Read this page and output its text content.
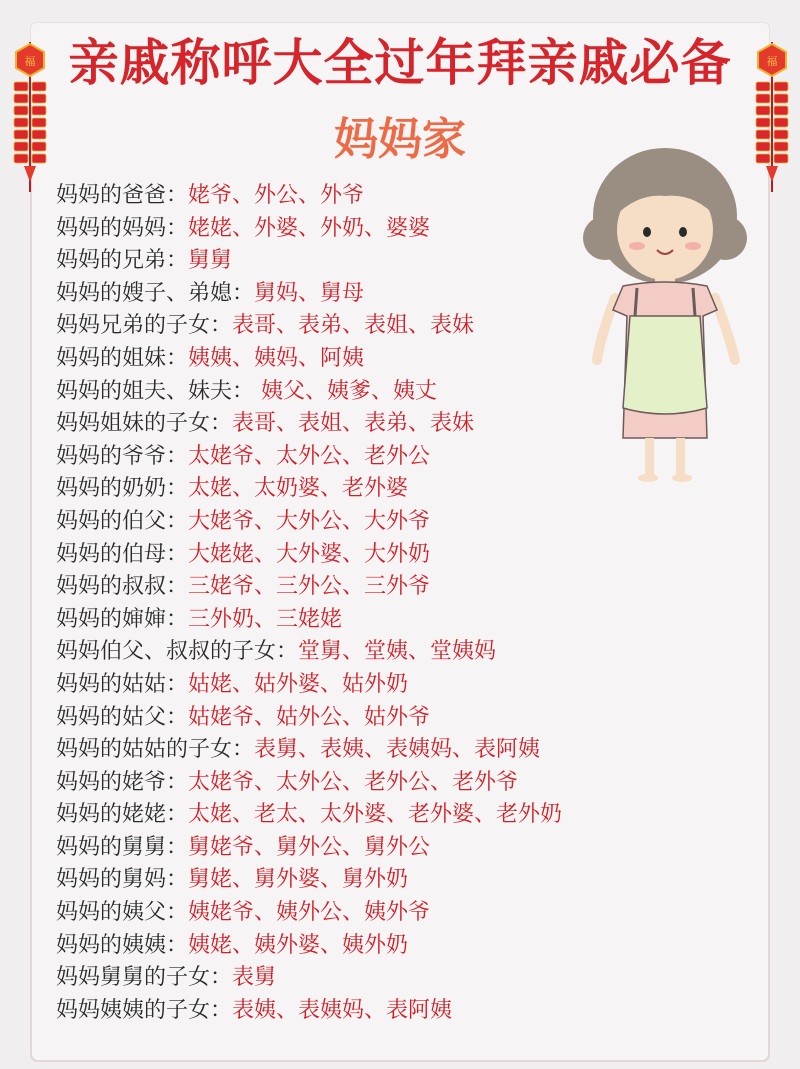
福	福
亲戚称呼大全过年拜亲戚必备
妈妈家
妈妈的爸爸：姥爷、外公、外爷
妈妈的妈妈：姥姥、外婆、外奶、婆婆
妈妈的兄弟：舅舅
妈妈的嫂子、弟媳：舅妈、舅母
妈妈兄弟的子女：表哥、表弟、表姐、表妹
妈妈的姐妹：姨姨、姨妈、阿姨
妈妈的姐夫、妹夫： 姨父、姨爹、姨丈
妈妈姐妹的子女：表哥、表姐、表弟、表妹
妈妈的爷爷：太姥爷、太外公、老外公
妈妈的奶奶：太姥、太奶婆、老外婆
妈妈的伯父：大姥爷、大外公、大外爷
妈妈的伯母：大姥姥、大外婆、大外奶
妈妈的叔叔：三姥爷、三外公、三外爷
妈妈的婶婶：三外奶、三姥姥
妈妈伯父、叔叔的子女：堂舅、堂姨、堂姨妈
妈妈的姑姑：姑姥、姑外婆、姑外奶
妈妈的姑父：姑姥爷、姑外公、姑外爷
妈妈的姑姑的子女：表舅、表姨、表姨妈、表阿姨
妈妈的姥爷：太姥爷、太外公、老外公、老外爷
妈妈的姥姥：太姥、老太、太外婆、老外婆、老外奶
妈妈的舅舅：舅姥爷、舅外公、舅外公
妈妈的舅妈：舅姥、舅外婆、舅外奶
妈妈的姨父：姨姥爷、姨外公、姨外爷
妈妈的姨姨：姨姥、姨外婆、姨外奶
妈妈舅舅的子女：表舅
妈妈姨姨的子女：表姨、表姨妈、表阿姨
